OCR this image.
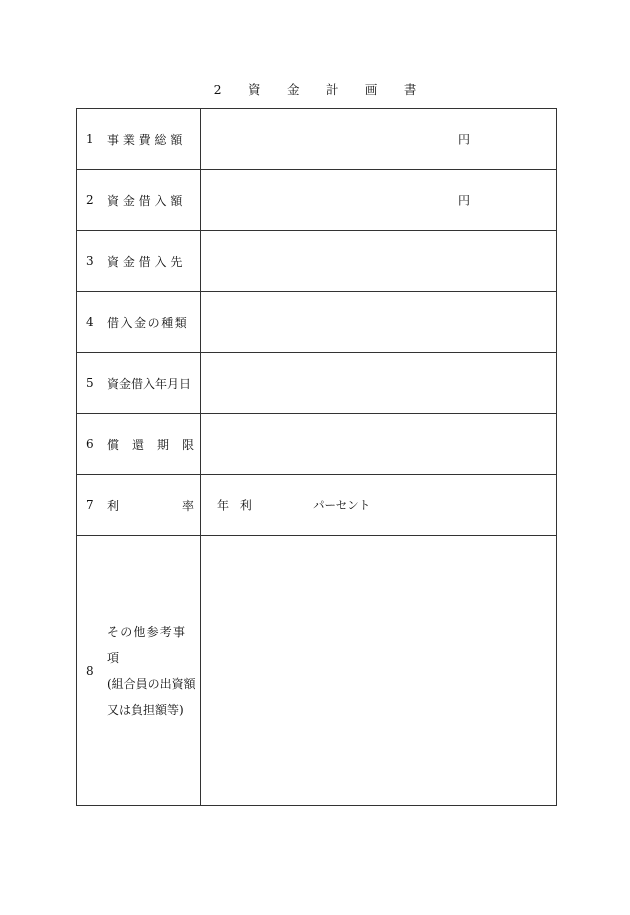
2 資 金 計 画 書
1 事業費総額	円

2 資金借入額	円

3 資金借入先	

4 借入金の種類	

5 資金借入年月日	

6 償 還 期 限	

7 利 率	年利 パーセント

8
その他参考事
項
(組合員の出資額
又は負担額等)	
